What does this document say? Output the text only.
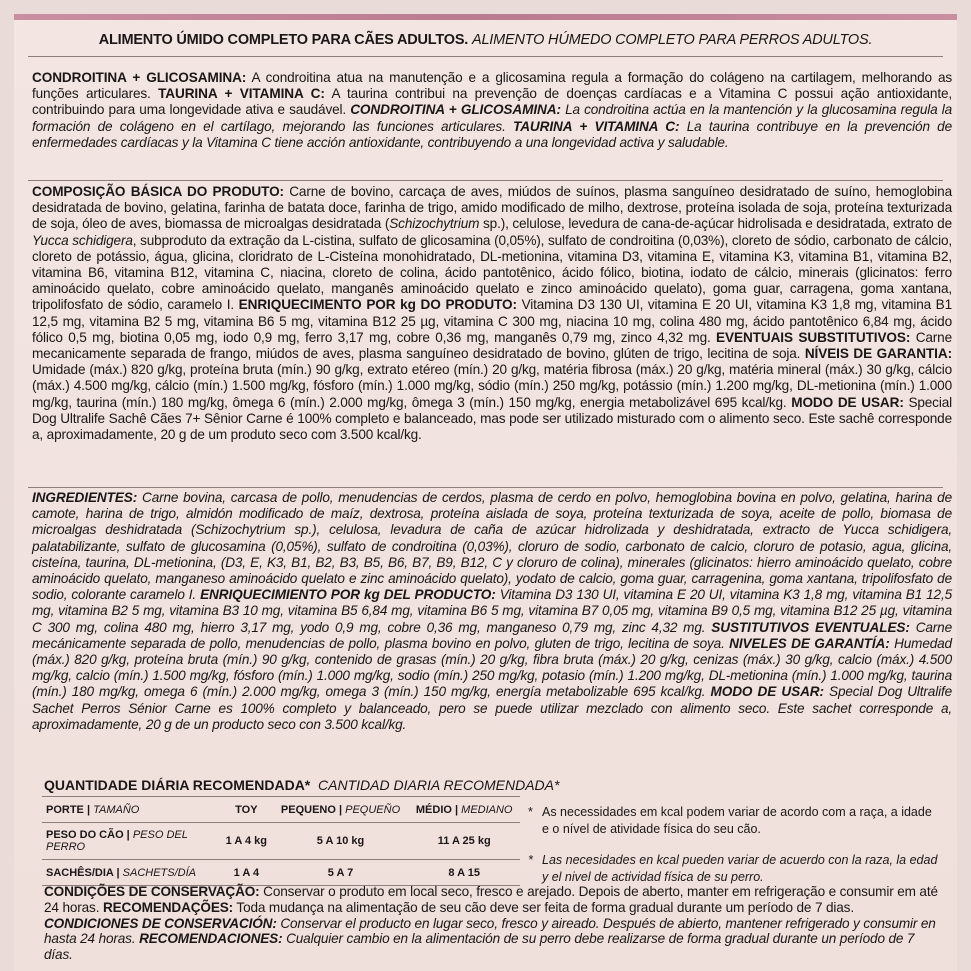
ALIMENTO ÚMIDO COMPLETO PARA CÃES ADULTOS. ALIMENTO HÚMEDO COMPLETO PARA PERROS ADULTOS.
CONDROITINA + GLICOSAMINA: A condroitina atua na manutenção e a glicosamina regula a formação do colágeno na cartilagem, melhorando as funções articulares. TAURINA + VITAMINA C: A taurina contribui na prevenção de doenças cardíacas e a Vitamina C possui ação antioxidante, contribuindo para uma longevidade ativa e saudável. CONDROITINA + GLICOSAMINA: La condroitina actúa en la mantención y la glucosamina regula la formación de colágeno en el cartílago, mejorando las funciones articulares. TAURINA + VITAMINA C: La taurina contribuye en la prevención de enfermedades cardíacas y la Vitamina C tiene acción antioxidante, contribuyendo a una longevidad activa y saludable.
COMPOSIÇÃO BÁSICA DO PRODUTO: Carne de bovino, carcaça de aves, miúdos de suínos, plasma sanguíneo desidratado de suíno, hemoglobina desidratada de bovino, gelatina, farinha de batata doce, farinha de trigo, amido modificado de milho, dextrose, proteína isolada de soja, proteína texturizada de soja, óleo de aves, biomassa de microalgas desidratada (Schizochytrium sp.), celulose, levedura de cana-de-açúcar hidrolisada e desidratada, extrato de Yucca schidigera, subproduto da extração da L-cistina, sulfato de glicosamina (0,05%), sulfato de condroitina (0,03%), cloreto de sódio, carbonato de cálcio, cloreto de potássio, água, glicina, cloridrato de L-Cisteína monohidratado, DL-metionina, vitamina D3, vitamina E, vitamina K3, vitamina B1, vitamina B2, vitamina B6, vitamina B12, vitamina C, niacina, cloreto de colina, ácido pantotênico, ácido fólico, biotina, iodato de cálcio, minerais (glicinatos: ferro aminoácido quelato, cobre aminoácido quelato, manganês aminoácido quelato e zinco aminoácido quelato), goma guar, carragena, goma xantana, tripolifosfato de sódio, caramelo I. ENRIQUECIMENTO POR kg DO PRODUTO: Vitamina D3 130 UI, vitamina E 20 UI, vitamina K3 1,8 mg, vitamina B1 12,5 mg, vitamina B2 5 mg, vitamina B6 5 mg, vitamina B12 25 µg, vitamina C 300 mg, niacina 10 mg, colina 480 mg, ácido pantotênico 6,84 mg, ácido fólico 0,5 mg, biotina 0,05 mg, iodo 0,9 mg, ferro 3,17 mg, cobre 0,36 mg, manganês 0,79 mg, zinco 4,32 mg. EVENTUAIS SUBSTITUTIVOS: Carne mecanicamente separada de frango, miúdos de aves, plasma sanguíneo desidratado de bovino, glúten de trigo, lecitina de soja. NÍVEIS DE GARANTIA: Umidade (máx.) 820 g/kg, proteína bruta (mín.) 90 g/kg, extrato etéreo (mín.) 20 g/kg, matéria fibrosa (máx.) 20 g/kg, matéria mineral (máx.) 30 g/kg, cálcio (máx.) 4.500 mg/kg, cálcio (mín.) 1.500 mg/kg, fósforo (mín.) 1.000 mg/kg, sódio (mín.) 250 mg/kg, potássio (mín.) 1.200 mg/kg, DL-metionina (mín.) 1.000 mg/kg, taurina (mín.) 180 mg/kg, ômega 6 (mín.) 2.000 mg/kg, ômega 3 (mín.) 150 mg/kg, energia metabolizável 695 kcal/kg. MODO DE USAR: Special Dog Ultralife Sachê Cães 7+ Sênior Carne é 100% completo e balanceado, mas pode ser utilizado misturado com o alimento seco. Este sachê corresponde a, aproximadamente, 20 g de um produto seco com 3.500 kcal/kg.
INGREDIENTES: Carne bovina, carcasa de pollo, menudencias de cerdos, plasma de cerdo en polvo, hemoglobina bovina en polvo, gelatina, harina de camote, harina de trigo, almidón modificado de maíz, dextrosa, proteína aislada de soya, proteína texturizada de soya, aceite de pollo, biomasa de microalgas deshidratada (Schizochytrium sp.), celulosa, levadura de caña de azúcar hidrolizada y deshidratada, extracto de Yucca schidigera, palatabilizante, sulfato de glucosamina (0,05%), sulfato de condroitina (0,03%), cloruro de sodio, carbonato de calcio, cloruro de potasio, agua, glicina, cisteína, taurina, DL-metionina, (D3, E, K3, B1, B2, B3, B5, B6, B7, B9, B12, C y cloruro de colina), minerales (glicinatos: hierro aminoácido quelato, cobre aminoácido quelato, manganeso aminoácido quelato e zinc aminoácido quelato), yodato de calcio, goma guar, carragenina, goma xantana, tripolifosfato de sodio, colorante caramelo I. ENRIQUECIMIENTO POR kg DEL PRODUCTO: Vitamina D3 130 UI, vitamina E 20 UI, vitamina K3 1,8 mg, vitamina B1 12,5 mg, vitamina B2 5 mg, vitamina B3 10 mg, vitamina B5 6,84 mg, vitamina B6 5 mg, vitamina B7 0,05 mg, vitamina B9 0,5 mg, vitamina B12 25 µg, vitamina C 300 mg, colina 480 mg, hierro 3,17 mg, yodo 0,9 mg, cobre 0,36 mg, manganeso 0,79 mg, zinc 4,32 mg. SUSTITUTIVOS EVENTUALES: Carne mecánicamente separada de pollo, menudencias de pollo, plasma bovino en polvo, gluten de trigo, lecitina de soya. NIVELES DE GARANTÍA: Humedad (máx.) 820 g/kg, proteína bruta (mín.) 90 g/kg, contenido de grasas (mín.) 20 g/kg, fibra bruta (máx.) 20 g/kg, cenizas (máx.) 30 g/kg, calcio (máx.) 4.500 mg/kg, calcio (mín.) 1.500 mg/kg, fósforo (mín.) 1.000 mg/kg, sodio (mín.) 250 mg/kg, potasio (mín.) 1.200 mg/kg, DL-metionina (mín.) 1.000 mg/kg, taurina (mín.) 180 mg/kg, omega 6 (mín.) 2.000 mg/kg, omega 3 (mín.) 150 mg/kg, energía metabolizable 695 kcal/kg. MODO DE USAR: Special Dog Ultralife Sachet Perros Sénior Carne es 100% completo y balanceado, pero se puede utilizar mezclado con alimento seco. Este sachet corresponde a, aproximadamente, 20 g de un producto seco con 3.500 kcal/kg.
QUANTIDADE DIÁRIA RECOMENDADA* CANTIDAD DIARIA RECOMENDADA*
PORTE | TAMAÑO	TOY	PEQUENO | PEQUEÑO	MÉDIO | MEDIANO
PESO DO CÃO | PESO DEL PERRO	1 A 4 kg	5 A 10 kg	11 A 25 kg
SACHÊS/DIA | SACHETS/DÍA	1 A 4	5 A 7	8 A 15
* As necessidades em kcal podem variar de acordo com a raça, a idade e o nível de atividade física do seu cão.
* Las necesidades en kcal pueden variar de acuerdo con la raza, la edad y el nivel de actividad física de su perro.
CONDIÇÕES DE CONSERVAÇÃO: Conservar o produto em local seco, fresco e arejado. Depois de aberto, manter em refrigeração e consumir em até 24 horas. RECOMENDAÇÕES: Toda mudança na alimentação de seu cão deve ser feita de forma gradual durante um período de 7 dias.
CONDICIONES DE CONSERVACIÓN: Conservar el producto en lugar seco, fresco y aireado. Después de abierto, mantener refrigerado y consumir en hasta 24 horas. RECOMENDACIONES: Cualquier cambio en la alimentación de su perro debe realizarse de forma gradual durante un período de 7 días.
